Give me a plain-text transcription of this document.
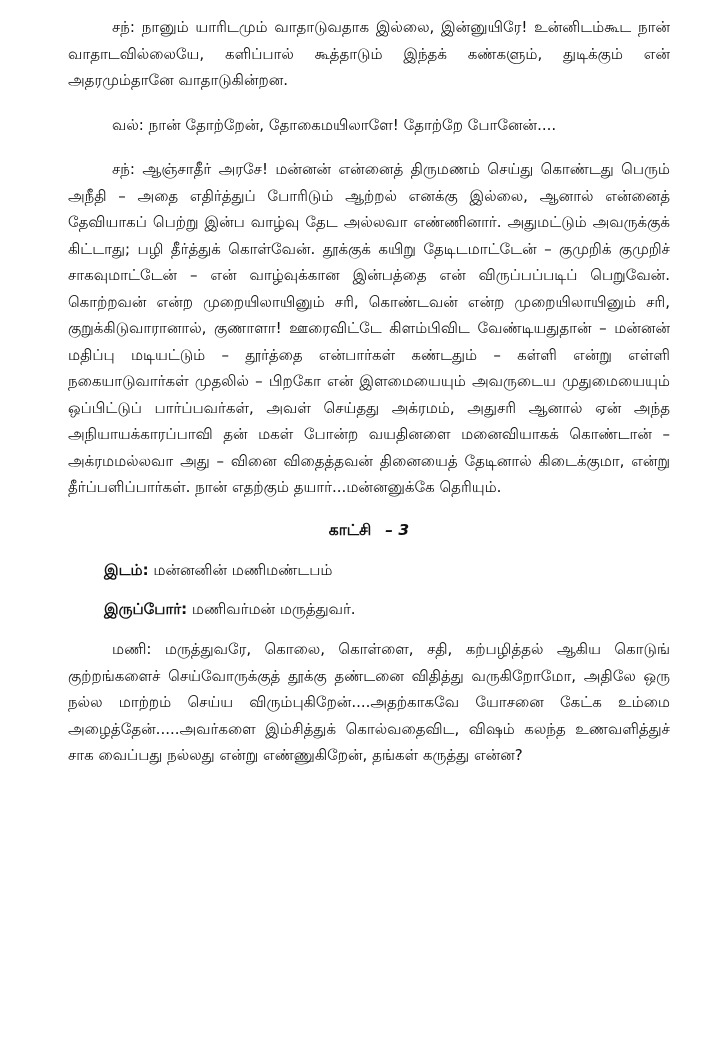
சந்: நானும் யாரிடமும் வாதாடுவதாக இல்லை, இன்னுயிரே! உன்னிடம்கூட நான் வாதாடவில்லையே, களிப்பால் கூத்தாடும் இந்தக் கண்களும், துடிக்கும் என் அதரமும்தானே வாதாடுகின்றன.

வல்: நான் தோற்றேன், தோகைமயிலாளே! தோற்றே போனேன்....

சந்: ஆஞ்சாதீர் அரசே! மன்னன் என்னைத் திருமணம் செய்து கொண்டது பெரும் அநீதி – அதை எதிர்த்துப் போரிடும் ஆற்றல் எனக்கு இல்லை, ஆனால் என்னைத் தேவியாகப் பெற்று இன்ப வாழ்வு தேட அல்லவா எண்ணினார். அதுமட்டும் அவருக்குக் கிட்டாது; பழி தீர்த்துக் கொள்வேன். தூக்குக் கயிறு தேடிடமாட்டேன் – குமுறிக் குமுறிச் சாகவுமாட்டேன் – என் வாழ்வுக்கான இன்பத்தை என் விருப்பப்படிப் பெறுவேன். கொற்றவன் என்ற முறையிலாயினும் சரி, கொண்டவன் என்ற முறையிலாயினும் சரி, குறுக்கிடுவாரானால், குணாளா! ஊரைவிட்டே கிளம்பிவிட வேண்டியதுதான் – மன்னன் மதிப்பு மடியட்டும் – தூர்த்தை என்பார்கள் கண்டதும் – கள்ளி என்று எள்ளி நகையாடுவார்கள் முதலில் – பிறகோ என் இளமையையும் அவருடைய முதுமையையும் ஒப்பிட்டுப் பார்ப்பவர்கள், அவள் செய்தது அக்ரமம், அதுசரி ஆனால் ஏன் அந்த அநியாயக்காரப்பாவி தன் மகள் போன்ற வயதினளை மனைவியாகக் கொண்டான் – அக்ரமமல்லவா அது – வினை விதைத்தவன் தினையைத் தேடினால் கிடைக்குமா, என்று தீர்ப்பளிப்பார்கள். நான் எதற்கும் தயார்...மன்னனுக்கே தெரியும்.

காட்சி – 3

இடம்: மன்னனின் மணிமண்டபம்

இருப்போர்: மணிவர்மன் மருத்துவர்.

மணி: மருத்துவரே, கொலை, கொள்ளை, சதி, கற்பழித்தல் ஆகிய கொடுங் குற்றங்களைச் செய்வோருக்குத் தூக்கு தண்டனை விதித்து வருகிறோமோ, அதிலே ஒரு நல்ல மாற்றம் செய்ய விரும்புகிறேன்....அதற்காகவே யோசனை கேட்க உம்மை அழைத்தேன்.....அவர்களை இம்சித்துக் கொல்வதைவிட, விஷம் கலந்த உணவளித்துச் சாக வைப்பது நல்லது என்று எண்ணுகிறேன், தங்கள் கருத்து என்ன?
